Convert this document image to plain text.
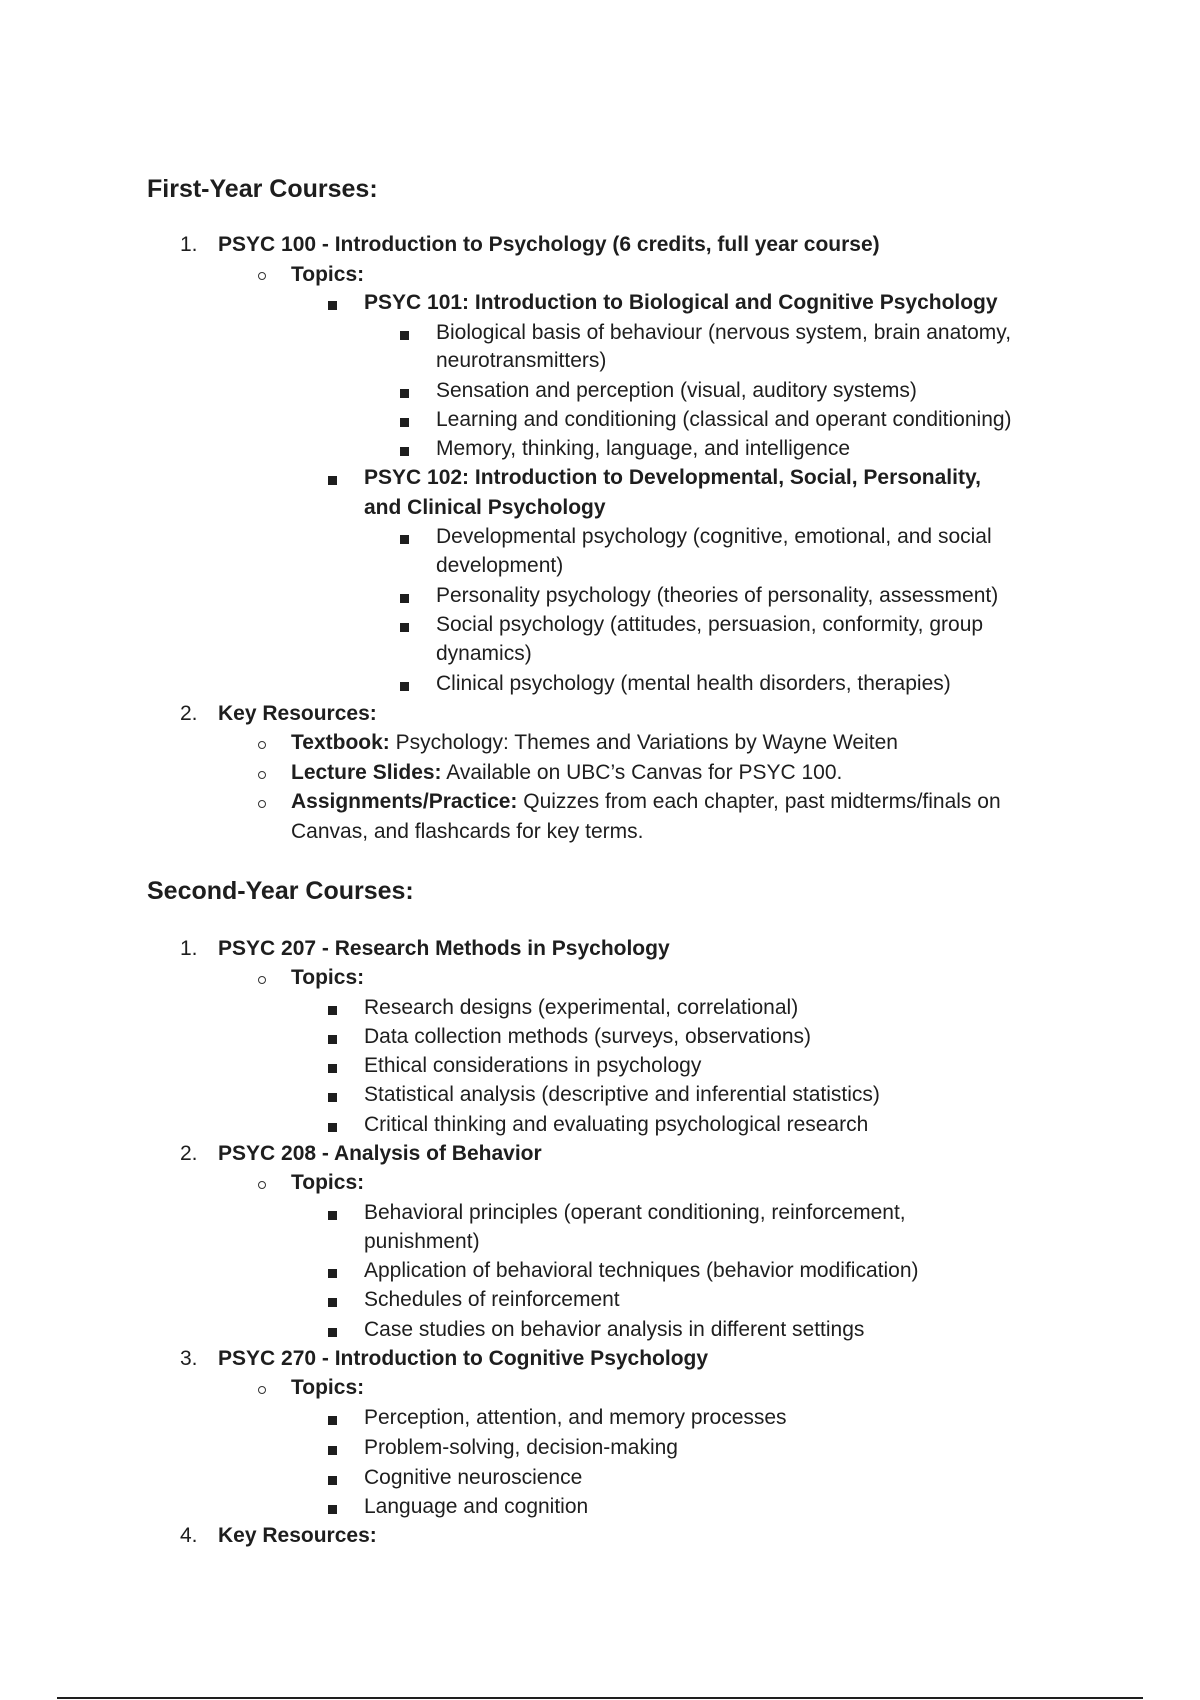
First-Year Courses:
1. PSYC 100 - Introduction to Psychology (6 credits, full year course)
Topics:
PSYC 101: Introduction to Biological and Cognitive Psychology
Biological basis of behaviour (nervous system, brain anatomy,
neurotransmitters)
Sensation and perception (visual, auditory systems)
Learning and conditioning (classical and operant conditioning)
Memory, thinking, language, and intelligence
PSYC 102: Introduction to Developmental, Social, Personality,
and Clinical Psychology
Developmental psychology (cognitive, emotional, and social
development)
Personality psychology (theories of personality, assessment)
Social psychology (attitudes, persuasion, conformity, group
dynamics)
Clinical psychology (mental health disorders, therapies)
2. Key Resources:
Textbook: Psychology: Themes and Variations by Wayne Weiten
Lecture Slides: Available on UBC’s Canvas for PSYC 100.
Assignments/Practice: Quizzes from each chapter, past midterms/finals on
Canvas, and flashcards for key terms.
Second-Year Courses:
1. PSYC 207 - Research Methods in Psychology
Topics:
Research designs (experimental, correlational)
Data collection methods (surveys, observations)
Ethical considerations in psychology
Statistical analysis (descriptive and inferential statistics)
Critical thinking and evaluating psychological research
2. PSYC 208 - Analysis of Behavior
Topics:
Behavioral principles (operant conditioning, reinforcement,
punishment)
Application of behavioral techniques (behavior modification)
Schedules of reinforcement
Case studies on behavior analysis in different settings
3. PSYC 270 - Introduction to Cognitive Psychology
Topics:
Perception, attention, and memory processes
Problem-solving, decision-making
Cognitive neuroscience
Language and cognition
4. Key Resources:
